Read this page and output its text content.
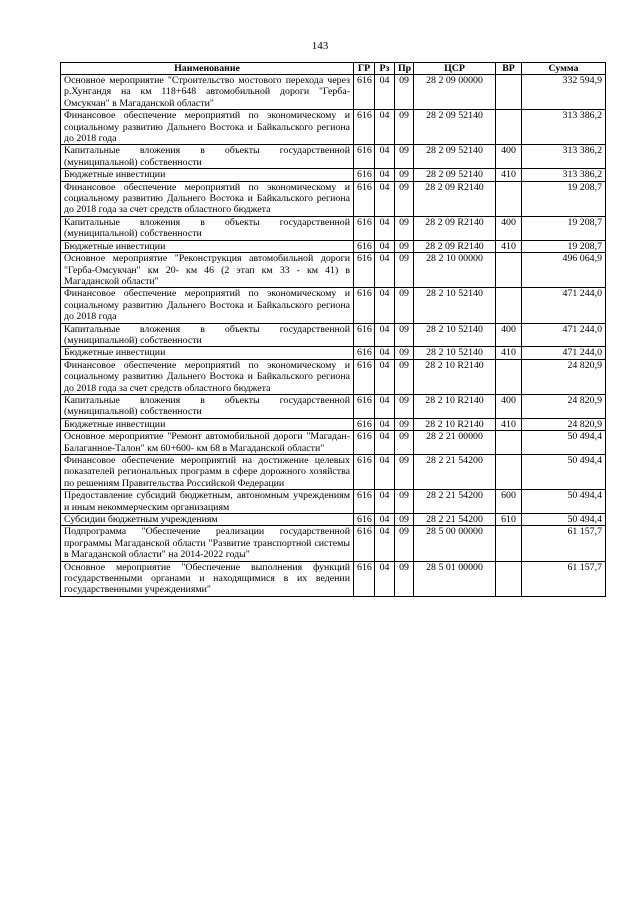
143
Наименование	ГР	Рз	Пр	ЦСР	ВР	Сумма
Основное мероприятие "Строительство мостового перехода через р.Хунгандя на км 118+648 автомобильной дороги "Герба-Омсукчан" в Магаданской области"	616	04	09	28 2 09 00000		332 594,9
Финансовое обеспечение мероприятий по экономическому и социальному развитию Дальнего Востока и Байкальского региона до 2018 года	616	04	09	28 2 09 52140		313 386,2
Капитальные вложения в объекты государственной (муниципальной) собственности	616	04	09	28 2 09 52140	400	313 386,2
Бюджетные инвестиции	616	04	09	28 2 09 52140	410	313 386,2
Финансовое обеспечение мероприятий по экономическому и социальному развитию Дальнего Востока и Байкальского региона до 2018 года за счет средств областного бюджета	616	04	09	28 2 09 R2140		19 208,7
Капитальные вложения в объекты государственной (муниципальной) собственности	616	04	09	28 2 09 R2140	400	19 208,7
Бюджетные инвестиции	616	04	09	28 2 09 R2140	410	19 208,7
Основное мероприятие "Реконструкция автомобильной дороги "Герба-Омсукчан" км 20- км 46 (2 этап км 33 - км 41) в Магаданской области"	616	04	09	28 2 10 00000		496 064,9
Финансовое обеспечение мероприятий по экономическому и социальному развитию Дальнего Востока и Байкальского региона до 2018 года	616	04	09	28 2 10 52140		471 244,0
Капитальные вложения в объекты государственной (муниципальной) собственности	616	04	09	28 2 10 52140	400	471 244,0
Бюджетные инвестиции	616	04	09	28 2 10 52140	410	471 244,0
Финансовое обеспечение мероприятий по экономическому и социальному развитию Дальнего Востока и Байкальского региона до 2018 года за счет средств областного бюджета	616	04	09	28 2 10 R2140		24 820,9
Капитальные вложения в объекты государственной (муниципальной) собственности	616	04	09	28 2 10 R2140	400	24 820,9
Бюджетные инвестиции	616	04	09	28 2 10 R2140	410	24 820,9
Основное мероприятие "Ремонт автомобильной дороги "Магадан-Балаганное-Талон" км 60+600- км 68 в Магаданской области"	616	04	09	28 2 21 00000		50 494,4
Финансовое обеспечение мероприятий на достижение целевых показателей региональных программ в сфере дорожного хозяйства по решениям Правительства Российской Федерации	616	04	09	28 2 21 54200		50 494,4
Предоставление субсидий бюджетным, автономным учреждениям и иным некоммерческим организациям	616	04	09	28 2 21 54200	600	50 494,4
Субсидии бюджетным учреждениям	616	04	09	28 2 21 54200	610	50 494,4
Подпрограмма "Обеспечение реализации государственной программы Магаданской области "Развитие транспортной системы в Магаданской области" на 2014-2022 годы"	616	04	09	28 5 00 00000		61 157,7
Основное мероприятие "Обеспечение выполнения функций государственными органами и находящимися в их ведении государственными учреждениями"	616	04	09	28 5 01 00000		61 157,7
